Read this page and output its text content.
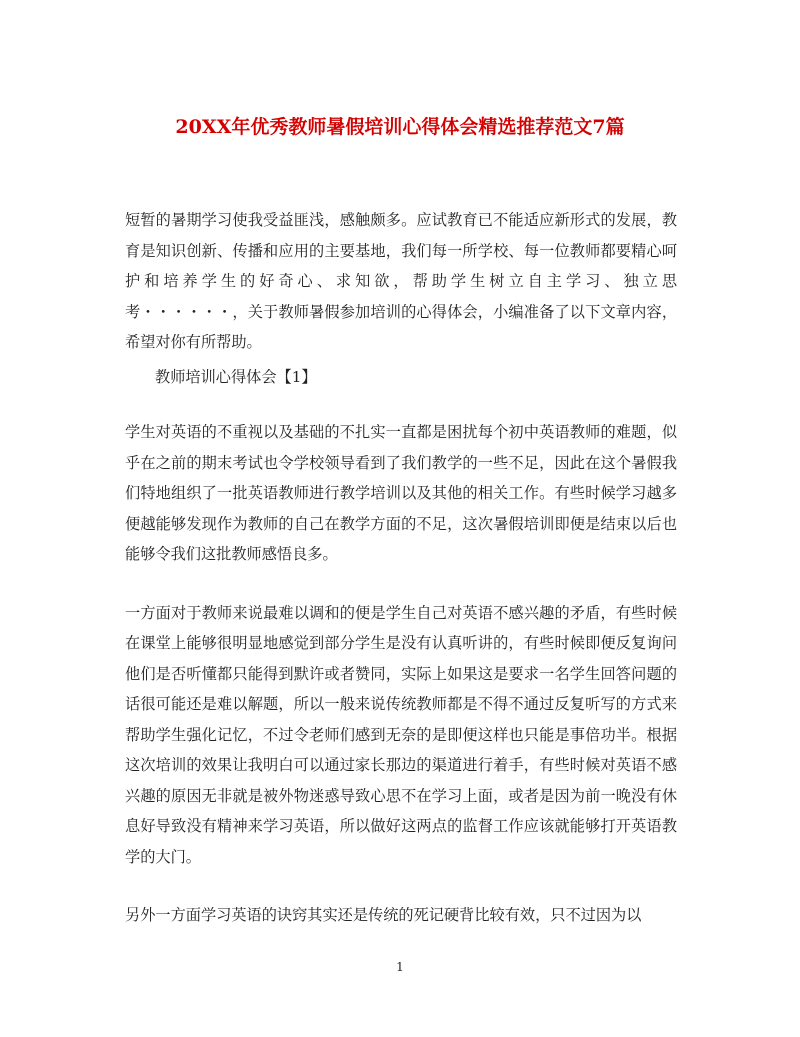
20XX年优秀教师暑假培训心得体会精选推荐范文7篇

短暂的暑期学习使我受益匪浅，感触颇多。应试教育已不能适应新形式的发展，教育是知识创新、传播和应用的主要基地，我们每一所学校、每一位教师都要精心呵护和培养学生的好奇心、求知欲，帮助学生树立自主学习、独立思考・・・・・・，关于教师暑假参加培训的心得体会，小编准备了以下文章内容，希望对你有所帮助。

教师培训心得体会【1】

学生对英语的不重视以及基础的不扎实一直都是困扰每个初中英语教师的难题，似乎在之前的期末考试也令学校领导看到了我们教学的一些不足，因此在这个暑假我们特地组织了一批英语教师进行教学培训以及其他的相关工作。有些时候学习越多便越能够发现作为教师的自己在教学方面的不足，这次暑假培训即便是结束以后也能够令我们这批教师感悟良多。

一方面对于教师来说最难以调和的便是学生自己对英语不感兴趣的矛盾，有些时候在课堂上能够很明显地感觉到部分学生是没有认真听讲的，有些时候即便反复询问他们是否听懂都只能得到默许或者赞同，实际上如果这是要求一名学生回答问题的话很可能还是难以解题，所以一般来说传统教师都是不得不通过反复听写的方式来帮助学生强化记忆，不过令老师们感到无奈的是即便这样也只能是事倍功半。根据这次培训的效果让我明白可以通过家长那边的渠道进行着手，有些时候对英语不感兴趣的原因无非就是被外物迷惑导致心思不在学习上面，或者是因为前一晚没有休息好导致没有精神来学习英语，所以做好这两点的监督工作应该就能够打开英语教学的大门。

另外一方面学习英语的诀窍其实还是传统的死记硬背比较有效，只不过因为以

1
